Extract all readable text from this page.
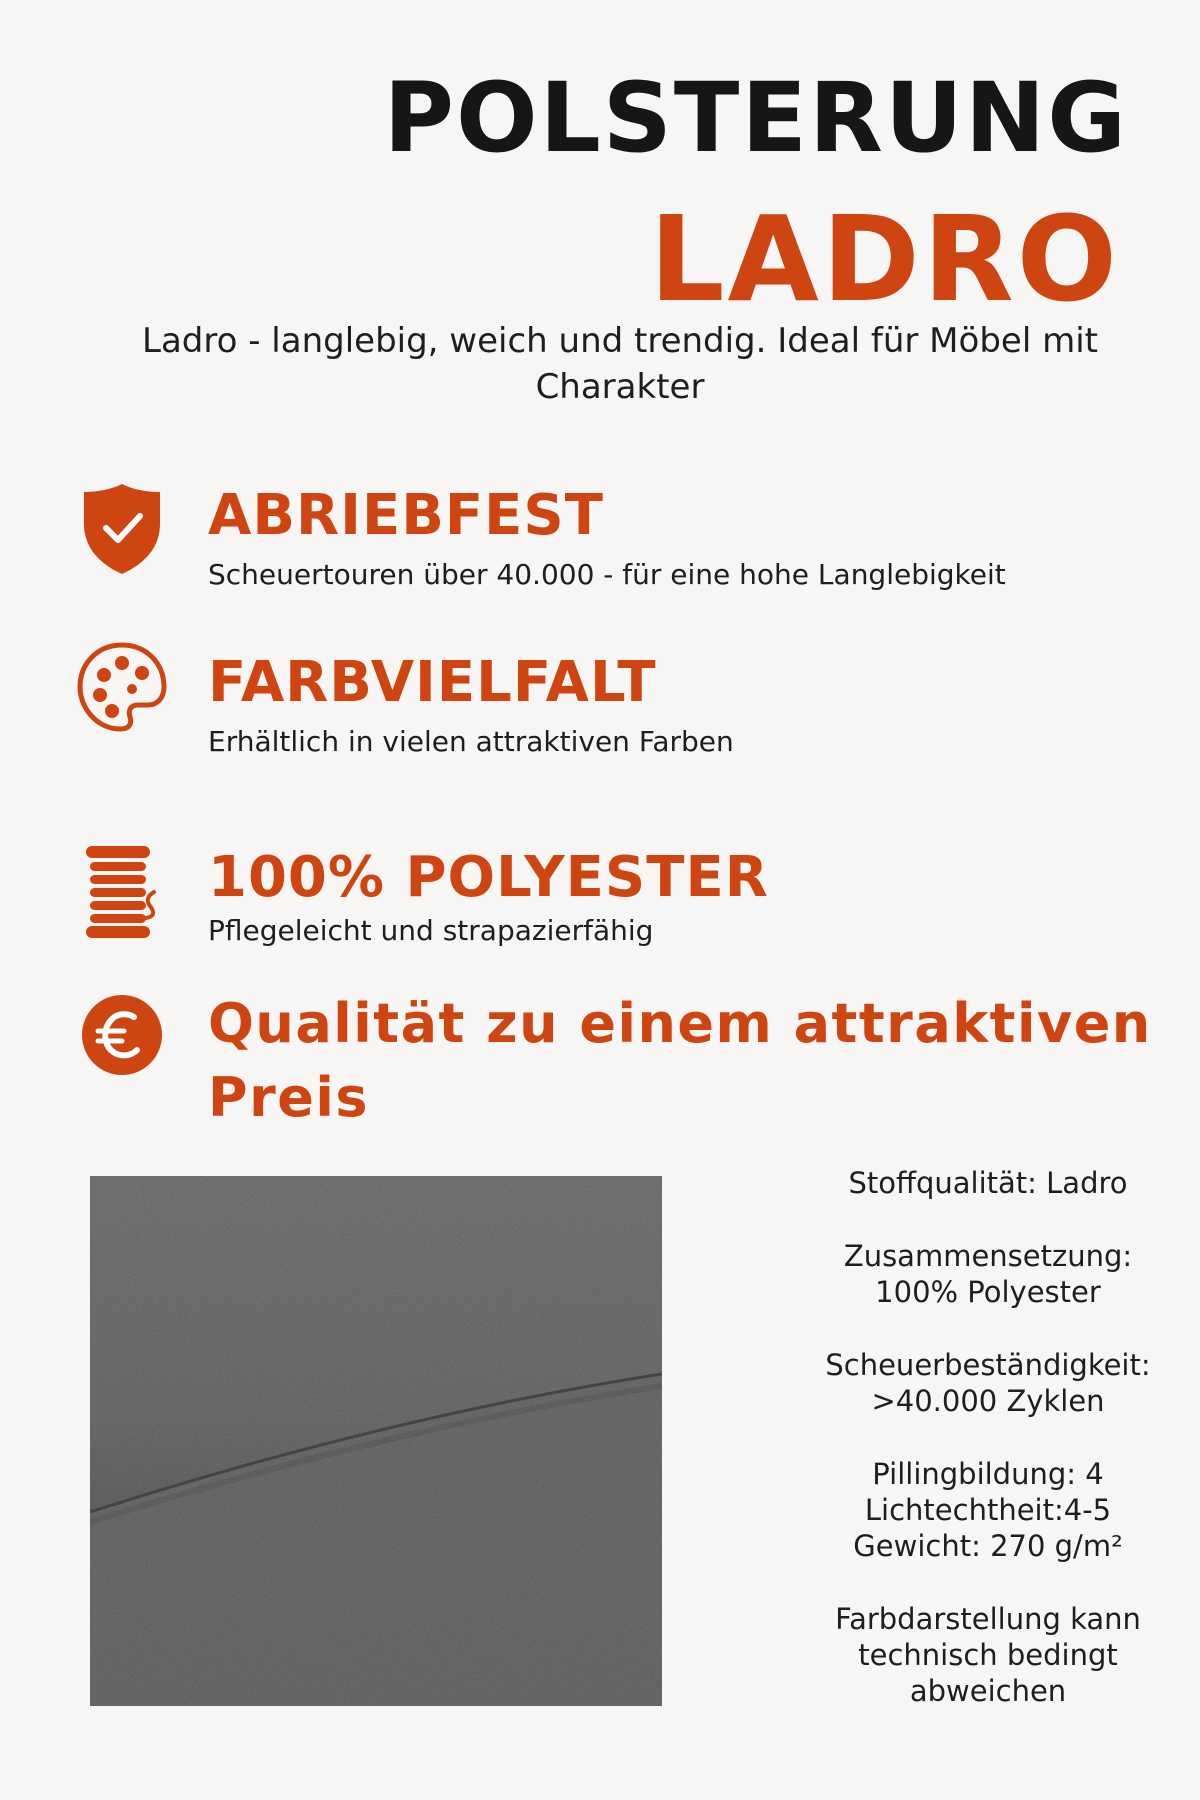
POLSTERUNG
LADRO
Ladro - langlebig, weich und trendig. Ideal für Möbel mit Charakter
ABRIEBFEST
Scheuertouren über 40.000 - für eine hohe Langlebigkeit
FARBVIELFALT
Erhältlich in vielen attraktiven Farben
100% POLYESTER
Pflegeleicht und strapazierfähig
Qualität zu einem attraktiven Preis

Stoffqualität: Ladro

Zusammensetzung:
100% Polyester

Scheuerbeständigkeit:
>40.000 Zyklen

Pillingbildung: 4
Lichtechtheit:4-5
Gewicht: 270 g/m²

Farbdarstellung kann
technisch bedingt
abweichen
